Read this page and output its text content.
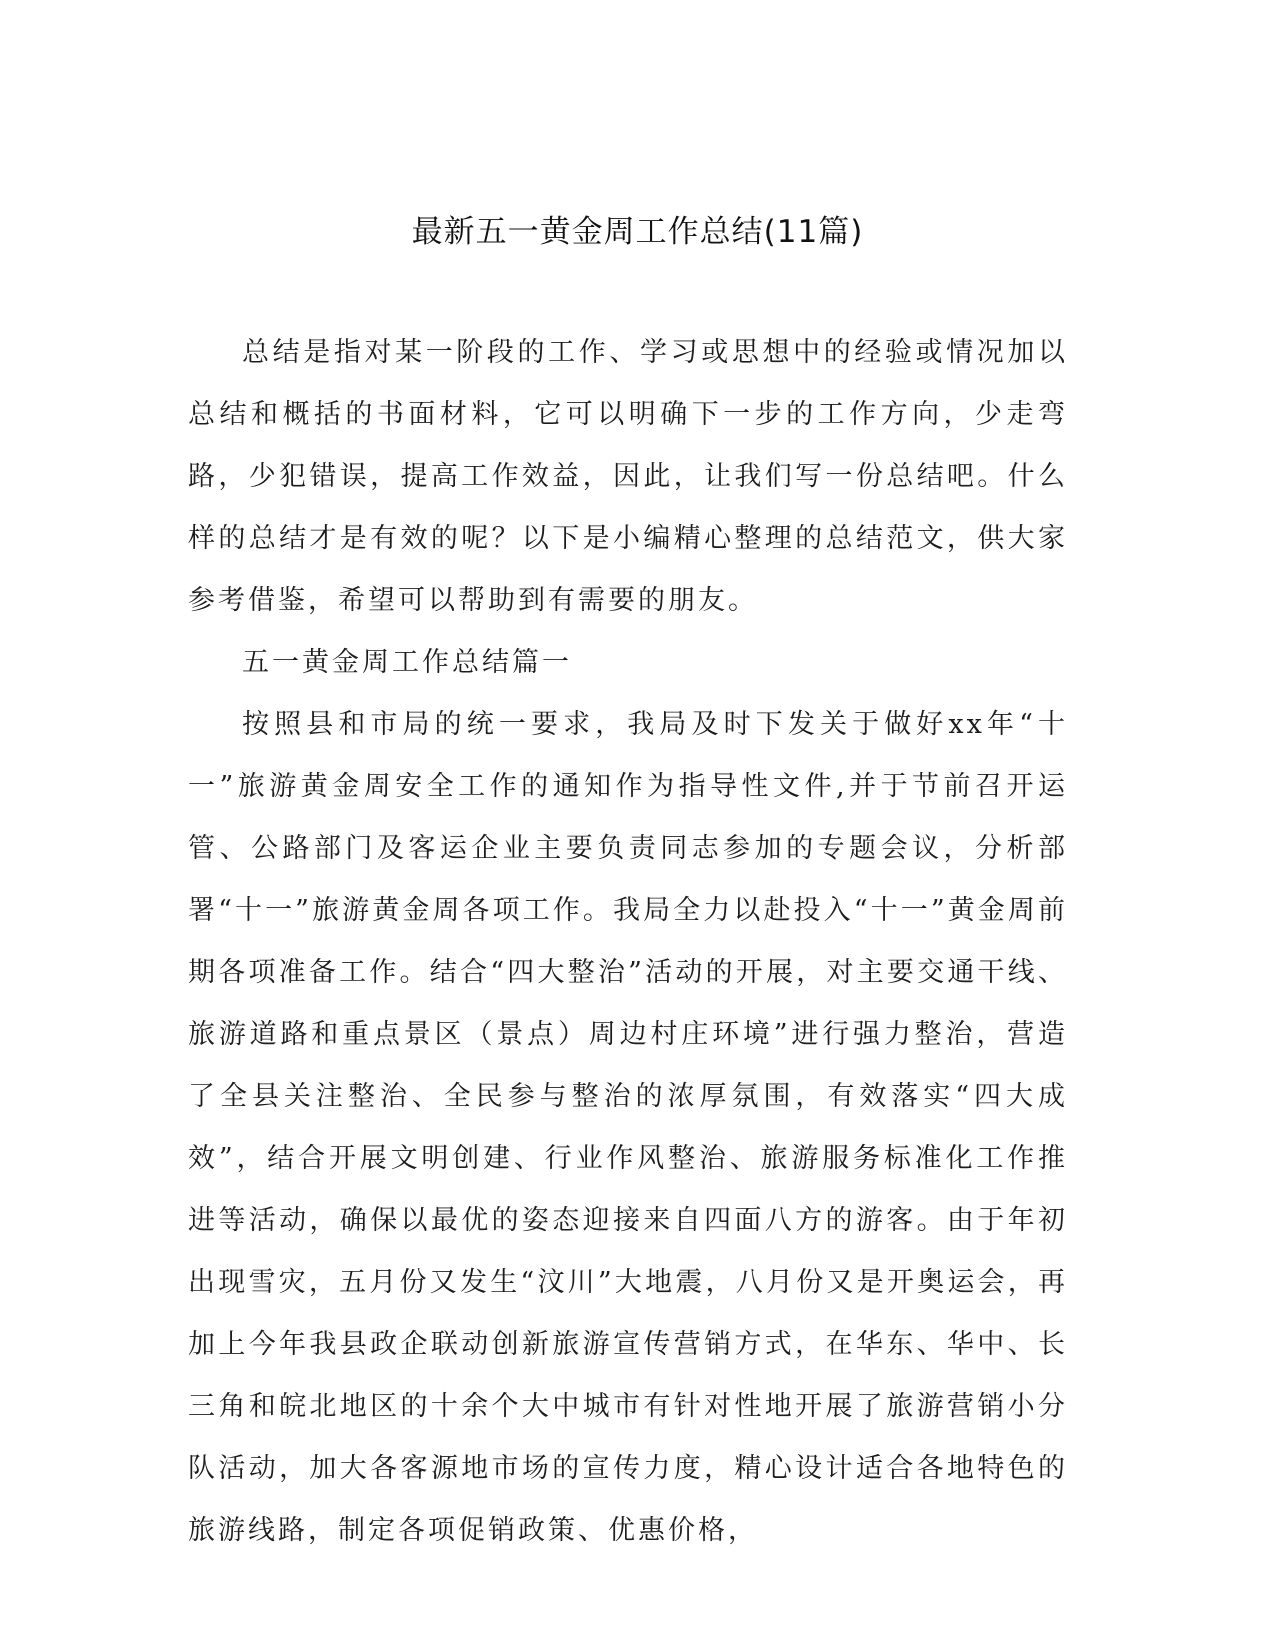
最新五一黄金周工作总结(11篇)

总结是指对某一阶段的工作、学习或思想中的经验或情况加以总结和概括的书面材料，它可以明确下一步的工作方向，少走弯路，少犯错误，提高工作效益，因此，让我们写一份总结吧。什么样的总结才是有效的呢？以下是小编精心整理的总结范文，供大家参考借鉴，希望可以帮助到有需要的朋友。

五一黄金周工作总结篇一

按照县和市局的统一要求，我局及时下发关于做好xx年“十一”旅游黄金周安全工作的通知作为指导性文件,并于节前召开运管、公路部门及客运企业主要负责同志参加的专题会议，分析部署“十一”旅游黄金周各项工作。我局全力以赴投入“十一”黄金周前期各项准备工作。结合“四大整治”活动的开展，对主要交通干线、旅游道路和重点景区（景点）周边村庄环境”进行强力整治，营造了全县关注整治、全民参与整治的浓厚氛围，有效落实“四大成效”，结合开展文明创建、行业作风整治、旅游服务标准化工作推进等活动，确保以最优的姿态迎接来自四面八方的游客。由于年初出现雪灾，五月份又发生“汶川”大地震，八月份又是开奥运会，再加上今年我县政企联动创新旅游宣传营销方式，在华东、华中、长三角和皖北地区的十余个大中城市有针对性地开展了旅游营销小分队活动，加大各客源地市场的宣传力度，精心设计适合各地特色的旅游线路，制定各项促销政策、优惠价格，
